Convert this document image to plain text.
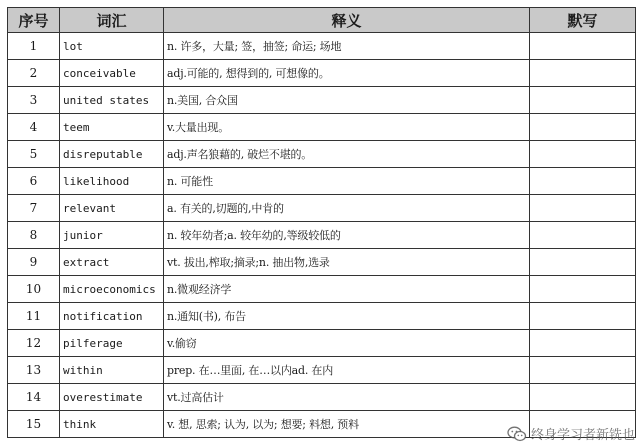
序号	词汇	释义	默写
1	lot	n. 许多，大量; 签，抽签; 命运; 场地	
2	conceivable	adj.可能的, 想得到的, 可想像的。	
3	united states	n.美国, 合众国	
4	teem	v.大量出现。	
5	disreputable	adj.声名狼藉的, 破烂不堪的。	
6	likelihood	n. 可能性	
7	relevant	a. 有关的,切题的,中肯的	
8	junior	n. 较年幼者;a. 较年幼的,等级较低的	
9	extract	vt. 拔出,榨取;摘录;n. 抽出物,选录	
10	microeconomics	n.微观经济学	
11	notification	n.通知(书), 布告	
12	pilferage	v.偷窃	
13	within	prep. 在…里面, 在…以内ad. 在内	
14	overestimate	vt.过高估计	
15	think	v. 想, 思索; 认为, 以为; 想要; 料想, 预料	
终身学习者新铣也
